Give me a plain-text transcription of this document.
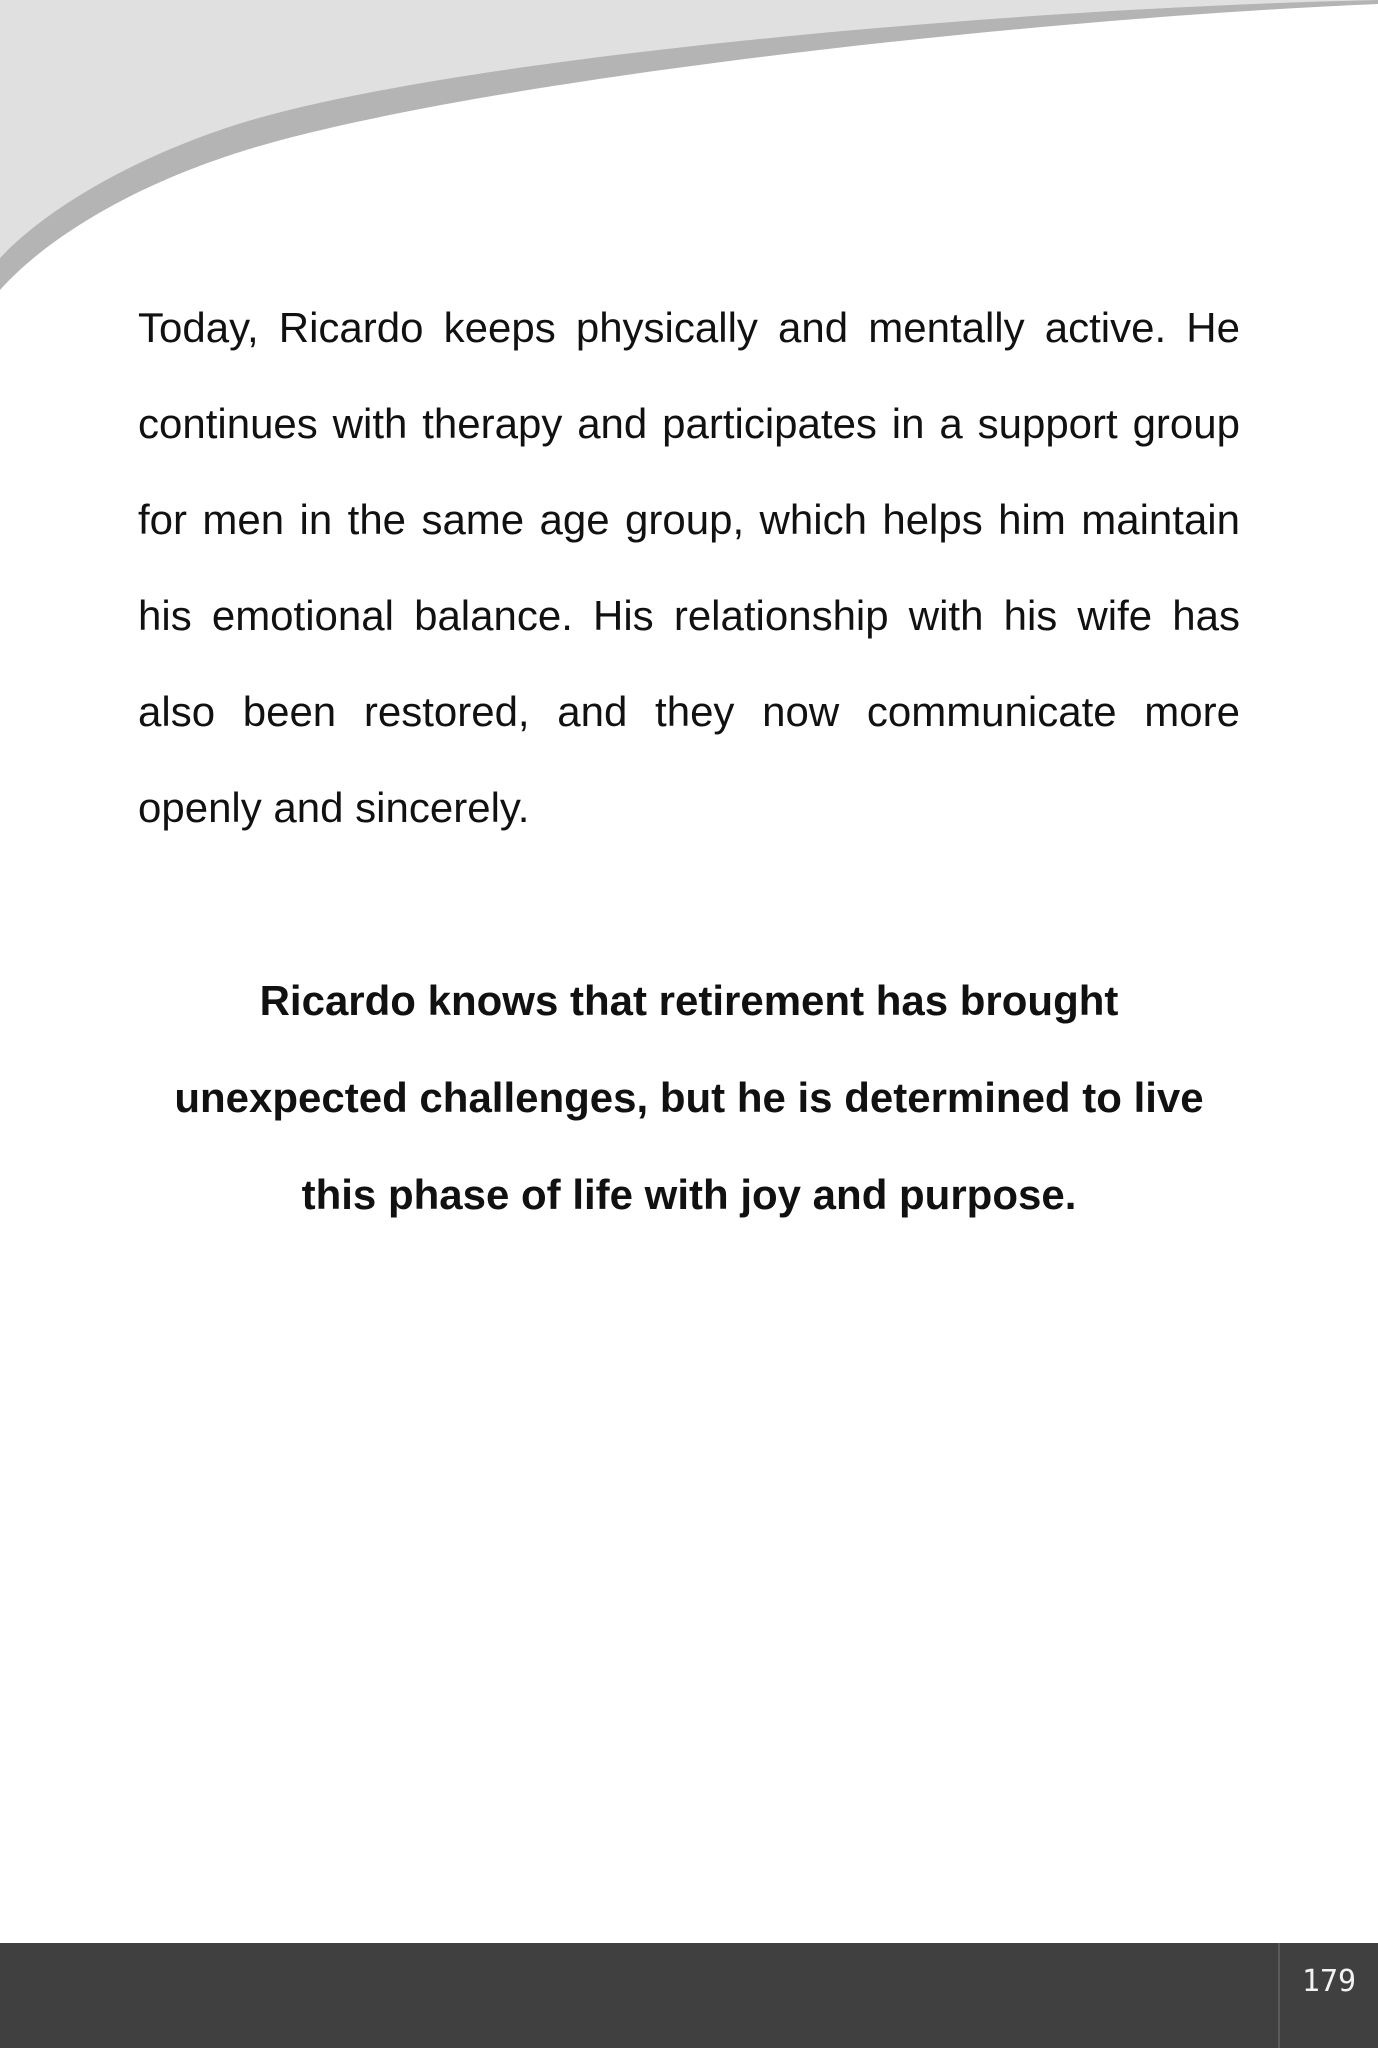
Today, Ricardo keeps physically and mentally active. He continues with therapy and participates in a support group for men in the same age group, which helps him maintain his emotional balance. His relationship with his wife has also been restored, and they now communicate more openly and sincerely.

Ricardo knows that retirement has brought
unexpected challenges, but he is determined to live
this phase of life with joy and purpose.
179
